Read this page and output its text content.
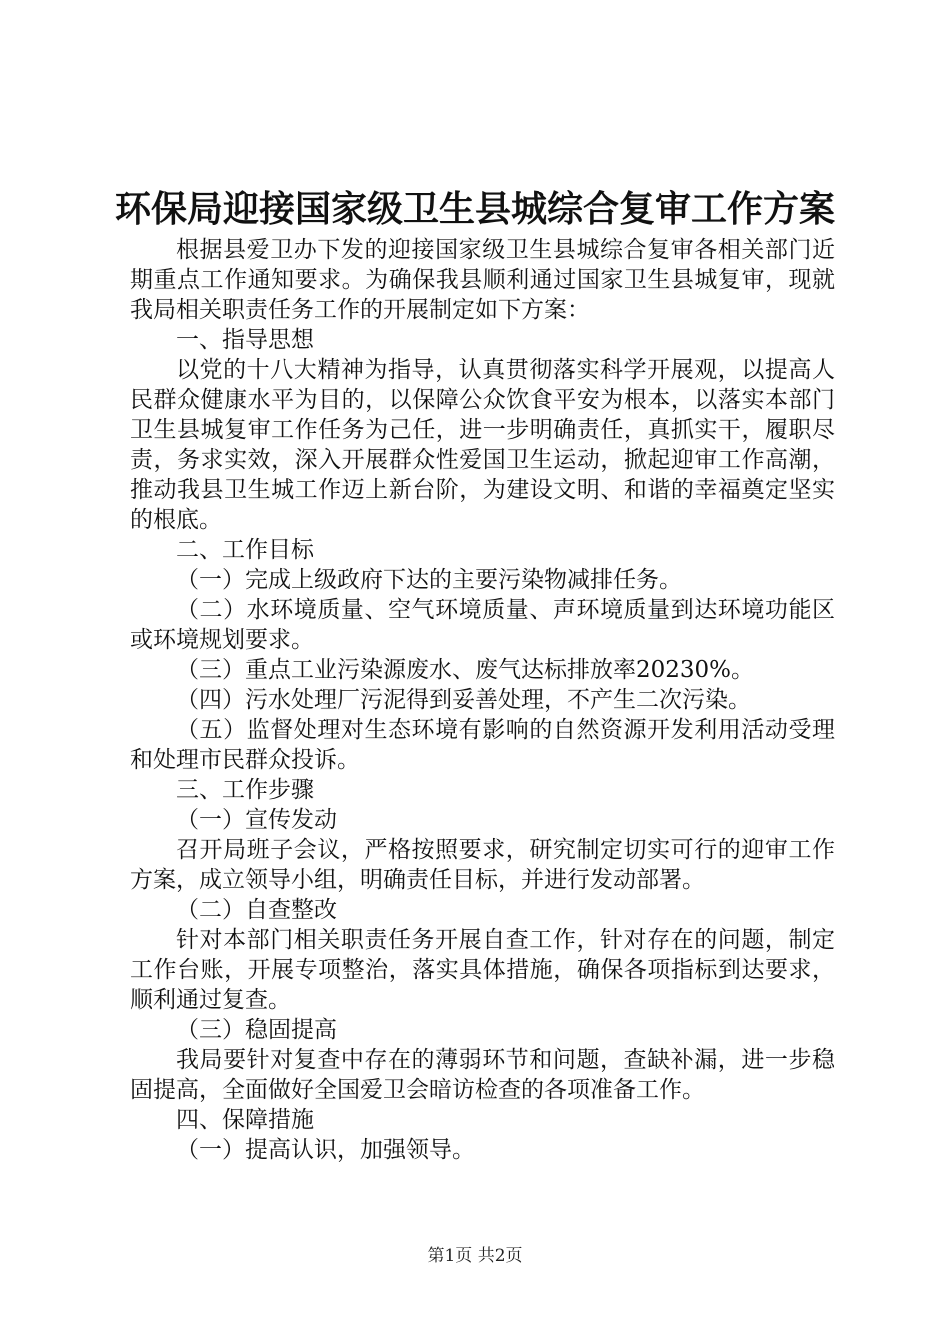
环保局迎接国家级卫生县城综合复审工作方案

根据县爱卫办下发的迎接国家级卫生县城综合复审各相关部门近期重点工作通知要求。为确保我县顺利通过国家卫生县城复审，现就我局相关职责任务工作的开展制定如下方案：

一、指导思想

以党的十八大精神为指导，认真贯彻落实科学开展观，以提高人民群众健康水平为目的，以保障公众饮食平安为根本，以落实本部门卫生县城复审工作任务为己任，进一步明确责任，真抓实干，履职尽责，务求实效，深入开展群众性爱国卫生运动，掀起迎审工作高潮，推动我县卫生城工作迈上新台阶，为建设文明、和谐的幸福奠定坚实的根底。

二、工作目标

（一）完成上级政府下达的主要污染物减排任务。

（二）水环境质量、空气环境质量、声环境质量到达环境功能区或环境规划要求。

（三）重点工业污染源废水、废气达标排放率20230%。

（四）污水处理厂污泥得到妥善处理，不产生二次污染。

（五）监督处理对生态环境有影响的自然资源开发利用活动受理和处理市民群众投诉。

三、工作步骤

（一）宣传发动

召开局班子会议，严格按照要求，研究制定切实可行的迎审工作方案，成立领导小组，明确责任目标，并进行发动部署。

（二）自查整改

针对本部门相关职责任务开展自查工作，针对存在的问题，制定工作台账，开展专项整治，落实具体措施，确保各项指标到达要求，顺利通过复查。

（三）稳固提高

我局要针对复查中存在的薄弱环节和问题，查缺补漏，进一步稳固提高，全面做好全国爱卫会暗访检查的各项准备工作。

四、保障措施

（一）提高认识，加强领导。

第1页 共2页
